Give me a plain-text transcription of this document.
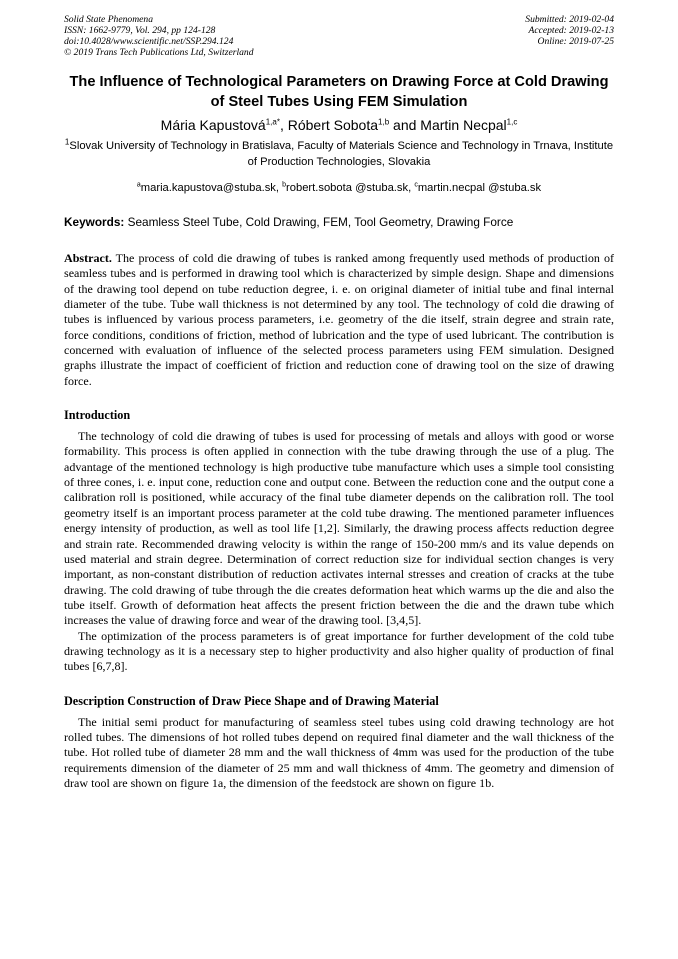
Solid State Phenomena
ISSN: 1662-9779, Vol. 294, pp 124-128
doi:10.4028/www.scientific.net/SSP.294.124
© 2019 Trans Tech Publications Ltd, Switzerland
Submitted: 2019-02-04
Accepted: 2019-02-13
Online: 2019-07-25
The Influence of Technological Parameters on Drawing Force at Cold Drawing of Steel Tubes Using FEM Simulation
Mária Kapustová$^{1,a*}$, Róbert Sobota$^{1,b}$ and Martin Necpal$^{1,c}$
$^1$Slovak University of Technology in Bratislava, Faculty of Materials Science and Technology in Trnava, Institute of Production Technologies, Slovakia
$^a$maria.kapustova@stuba.sk, $^b$robert.sobota @stuba.sk, $^c$martin.necpal @stuba.sk
Keywords: Seamless Steel Tube, Cold Drawing, FEM, Tool Geometry, Drawing Force
Abstract. The process of cold die drawing of tubes is ranked among frequently used methods of production of seamless tubes and is performed in drawing tool which is characterized by simple design. Shape and dimensions of the drawing tool depend on tube reduction degree, i. e. on original diameter of initial tube and final internal diameter of the tube. Tube wall thickness is not determined by any tool. The technology of cold die drawing of tubes is influenced by various process parameters, i.e. geometry of the die itself, strain degree and strain rate, force conditions, conditions of friction, method of lubrication and the type of used lubricant. The contribution is concerned with evaluation of influence of the selected process parameters using FEM simulation. Designed graphs illustrate the impact of coefficient of friction and reduction cone of drawing tool on the size of drawing force.
Introduction

The technology of cold die drawing of tubes is used for processing of metals and alloys with good or worse formability. This process is often applied in connection with the tube drawing through the use of a plug. The advantage of the mentioned technology is high productive tube manufacture which uses a simple tool consisting of three cones, i. e. input cone, reduction cone and output cone. Between the reduction cone and the output cone a calibration roll is positioned, while accuracy of the final tube diameter depends on the calibration roll. The tool geometry itself is an important process parameter at the cold tube drawing. The mentioned parameter influences energy intensity of production, as well as tool life [1,2]. Similarly, the drawing process affects reduction degree and strain rate. Recommended drawing velocity is within the range of 150-200 mm/s and its value depends on used material and strain degree. Determination of correct reduction size for individual section changes is very important, as non-constant distribution of reduction activates internal stresses and creation of cracks at the tube drawing. The cold drawing of tube through the die creates deformation heat which warms up the die and also the tube itself. Growth of deformation heat affects the present friction between the die and the drawn tube which increases the value of drawing force and wear of the drawing tool. [3,4,5].

The optimization of the process parameters is of great importance for further development of the cold tube drawing technology as it is a necessary step to higher productivity and also higher quality of production of final tubes [6,7,8].

Description Construction of Draw Piece Shape and of Drawing Material

The initial semi product for manufacturing of seamless steel tubes using cold drawing technology are hot rolled tubes. The dimensions of hot rolled tubes depend on required final diameter and the wall thickness of the tube. Hot rolled tube of diameter 28 mm and the wall thickness of 4mm was used for the production of the tube requirements dimension of the diameter of 25 mm and wall thickness of 4mm. The geometry and dimension of draw tool are shown on figure 1a, the dimension of the feedstock are shown on figure 1b.
